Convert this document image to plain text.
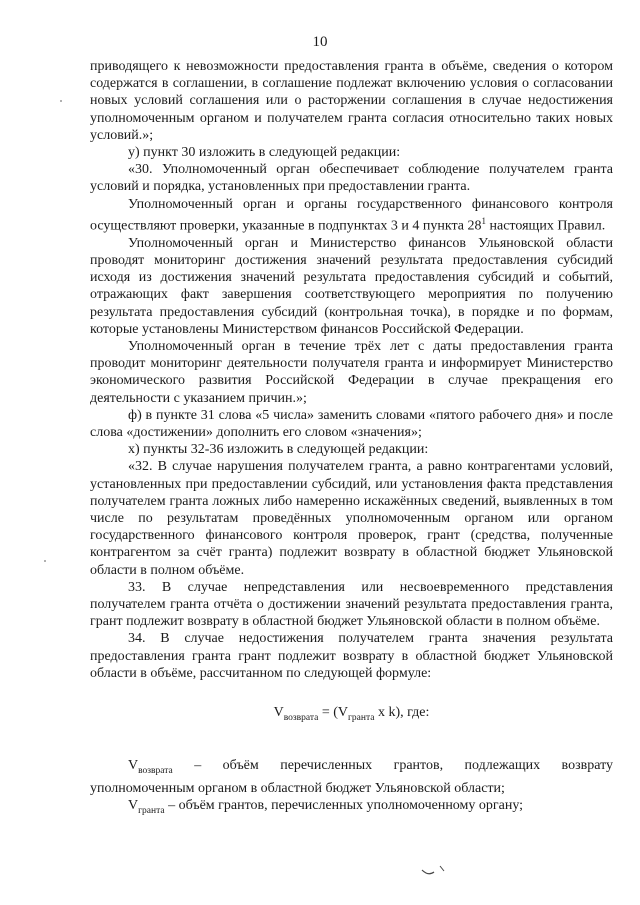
10

приводящего к невозможности предоставления гранта в объёме, сведения о котором содержатся в соглашении, в соглашение подлежат включению условия о согласовании новых условий соглашения или о расторжении соглашения в случае недостижения уполномоченным органом и получателем гранта согласия относительно таких новых условий.»;

у) пункт 30 изложить в следующей редакции:

«30. Уполномоченный орган обеспечивает соблюдение получателем гранта условий и порядка, установленных при предоставлении гранта.

Уполномоченный орган и органы государственного финансового контроля осуществляют проверки, указанные в подпунктах 3 и 4 пункта $28^1$ настоящих Правил.

Уполномоченный орган и Министерство финансов Ульяновской области проводят мониторинг достижения значений результата предоставления субсидий исходя из достижения значений результата предоставления субсидий и событий, отражающих факт завершения соответствующего мероприятия по получению результата предоставления субсидий (контрольная точка), в порядке и по формам, которые установлены Министерством финансов Российской Федерации.

Уполномоченный орган в течение трёх лет с даты предоставления гранта проводит мониторинг деятельности получателя гранта и информирует Министерство экономического развития Российской Федерации в случае прекращения его деятельности с указанием причин.»;

ф) в пункте 31 слова «5 числа» заменить словами «пятого рабочего дня» и после слова «достижении» дополнить его словом «значения»;

х) пункты 32-36 изложить в следующей редакции:

«32. В случае нарушения получателем гранта, а равно контрагентами условий, установленных при предоставлении субсидий, или установления факта представления получателем гранта ложных либо намеренно искажённых сведений, выявленных в том числе по результатам проведённых уполномоченным органом или органом государственного финансового контроля проверок, грант (средства, полученные контрагентом за счёт гранта) подлежит возврату в областной бюджет Ульяновской области в полном объёме.

33. В случае непредставления или несвоевременного представления получателем гранта отчёта о достижении значений результата предоставления гранта, грант подлежит возврату в областной бюджет Ульяновской области в полном объёме.

34. В случае недостижения получателем гранта значения результата предоставления гранта грант подлежит возврату в областной бюджет Ульяновской области в объёме, рассчитанном по следующей формуле:

$V_{возврата} = (V_{гранта}$ x k), где:

$V_{возврата}$ – объём перечисленных грантов, подлежащих возврату уполномоченным органом в областной бюджет Ульяновской области;

$V_{гранта}$ – объём грантов, перечисленных уполномоченному органу;
